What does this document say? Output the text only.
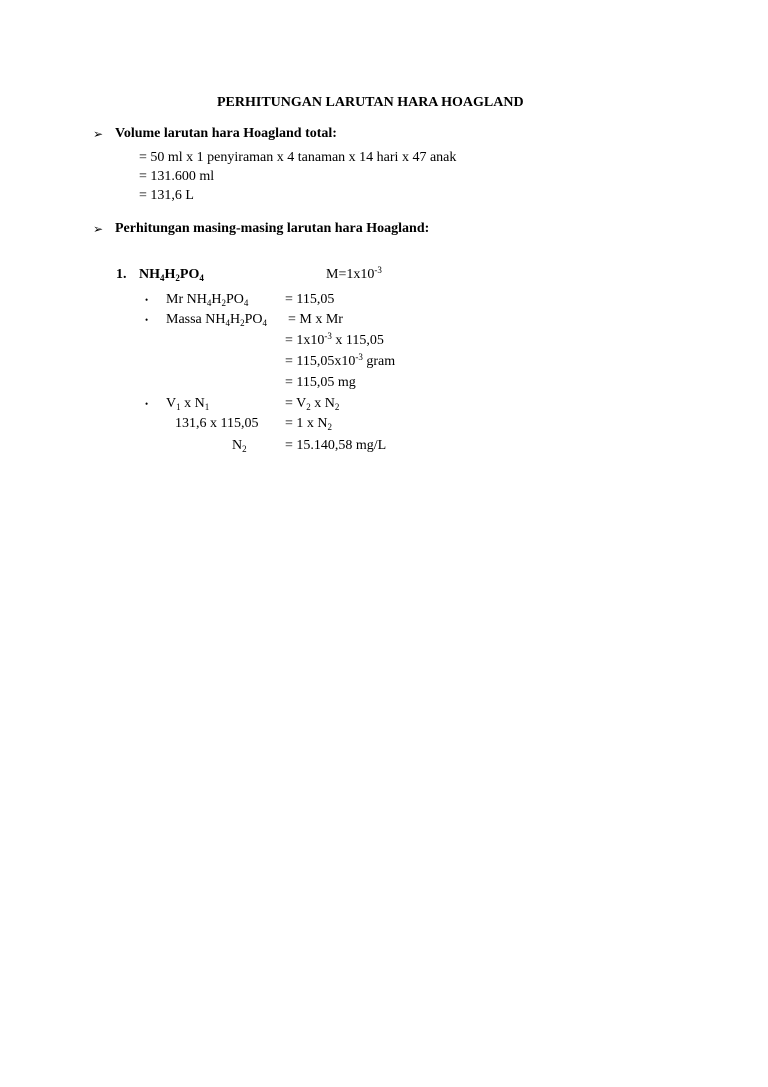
PERHITUNGAN LARUTAN HARA HOAGLAND
➢ Volume larutan hara Hoagland total:
= 50 ml x 1 penyiraman x 4 tanaman x 14 hari x 47 anak
= 131.600 ml
= 131,6 L
➢ Perhitungan masing-masing larutan hara Hoagland:
1. $NH_4H_2PO_4$	$M=1x10^{-3}$
• Mr $NH_4H_2PO_4$	= 115,05
• Massa $NH_4H_2PO_4 = M$ x Mr
= $1x10^{-3}$ x 115,05
= $115,05x10^{-3}$ gram
= 115,05 mg
• $V_1$ x $N_1$	= $V_2$ x $N_2$
131,6 x 115,05 = 1 x $N_2$
$N_2$	= 15.140,58 mg/L
